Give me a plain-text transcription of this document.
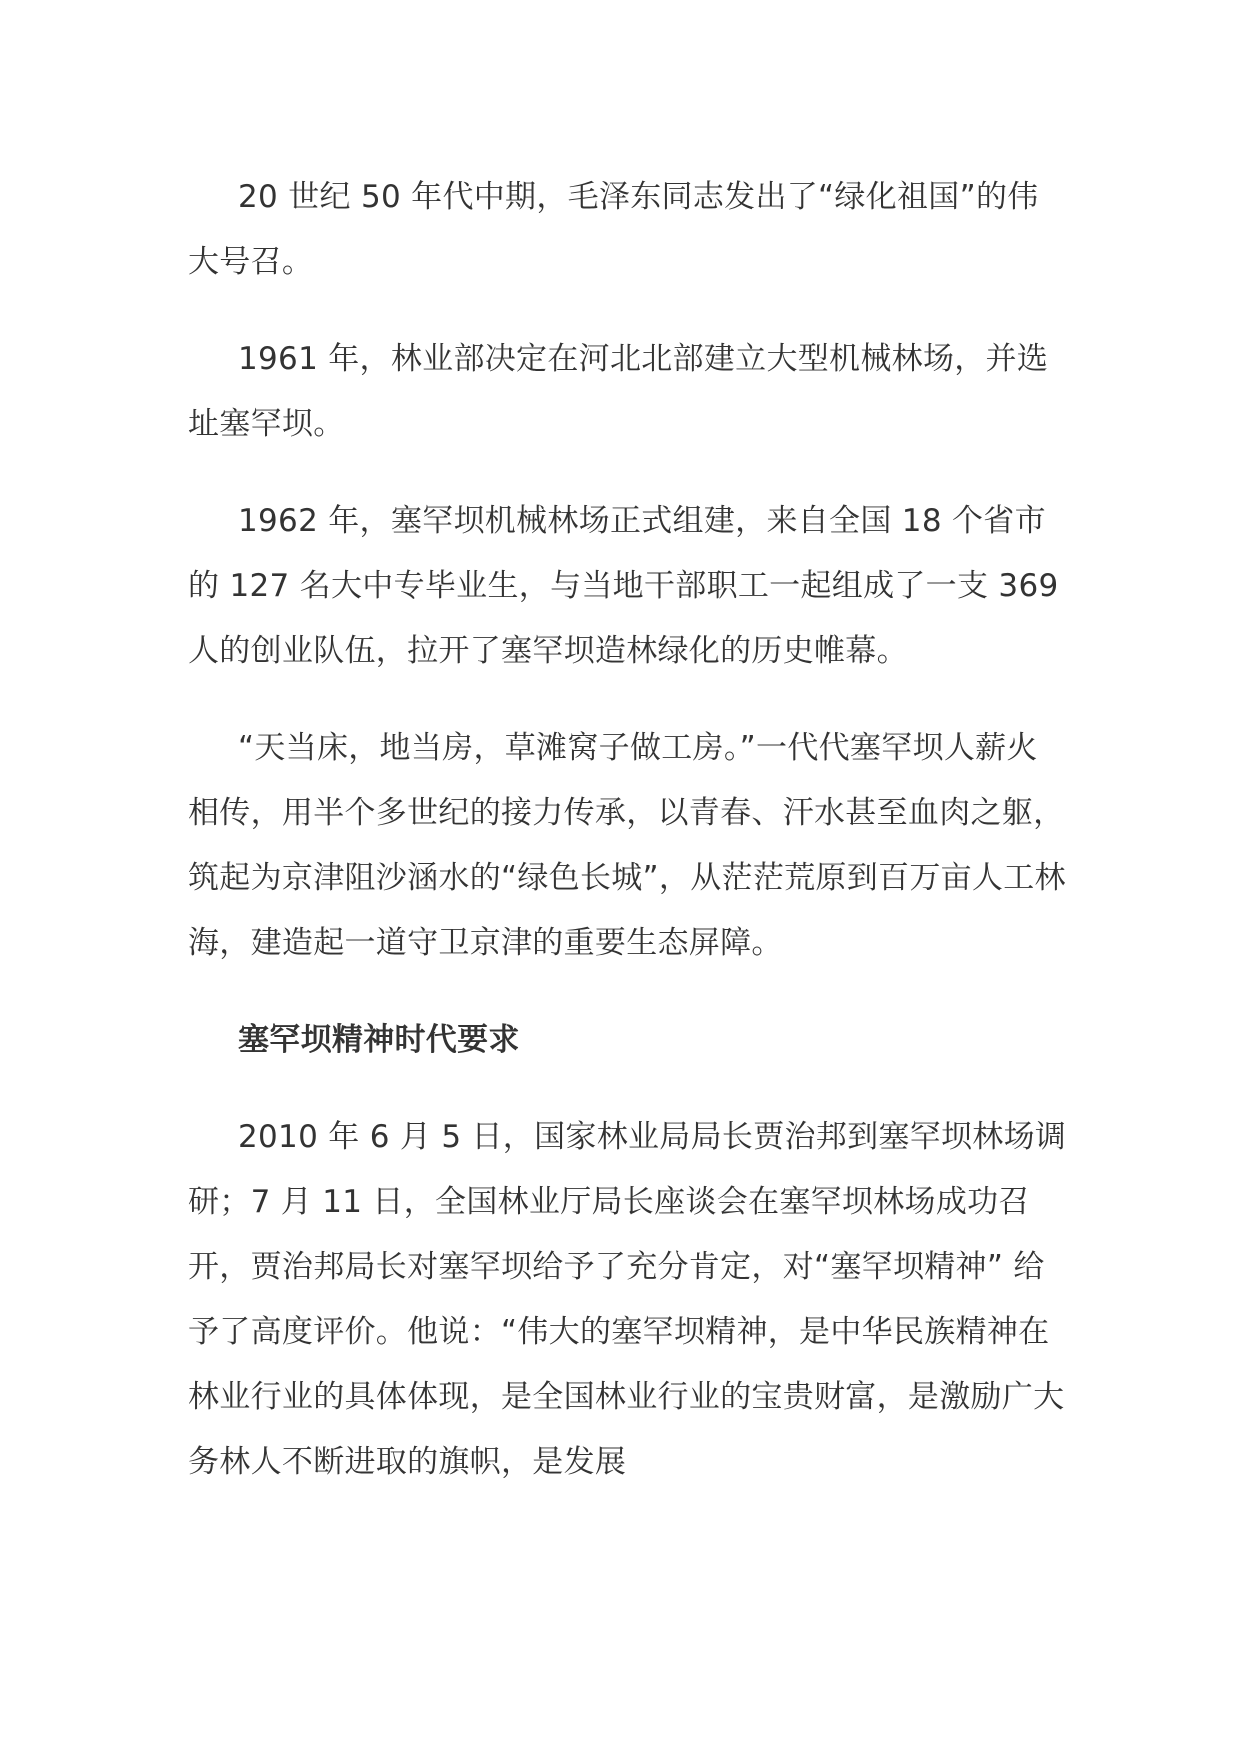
20 世纪 50 年代中期，毛泽东同志发出了“绿化祖国”的伟大号召。

1961 年，林业部决定在河北北部建立大型机械林场，并选址塞罕坝。

1962 年，塞罕坝机械林场正式组建，来自全国 18 个省市的 127 名大中专毕业生，与当地干部职工一起组成了一支 369 人的创业队伍，拉开了塞罕坝造林绿化的历史帷幕。

“天当床，地当房，草滩窝子做工房。”一代代塞罕坝人薪火相传，用半个多世纪的接力传承，以青春、汗水甚至血肉之躯，筑起为京津阻沙涵水的“绿色长城”，从茫茫荒原到百万亩人工林海，建造起一道守卫京津的重要生态屏障。

塞罕坝精神时代要求

2010 年 6 月 5 日，国家林业局局长贾治邦到塞罕坝林场调研；7 月 11 日，全国林业厅局长座谈会在塞罕坝林场成功召开，贾治邦局长对塞罕坝给予了充分肯定，对“塞罕坝精神” 给予了高度评价。他说：“伟大的塞罕坝精神，是中华民族精神在林业行业的具体体现，是全国林业行业的宝贵财富，是激励广大务林人不断进取的旗帜，是发展
